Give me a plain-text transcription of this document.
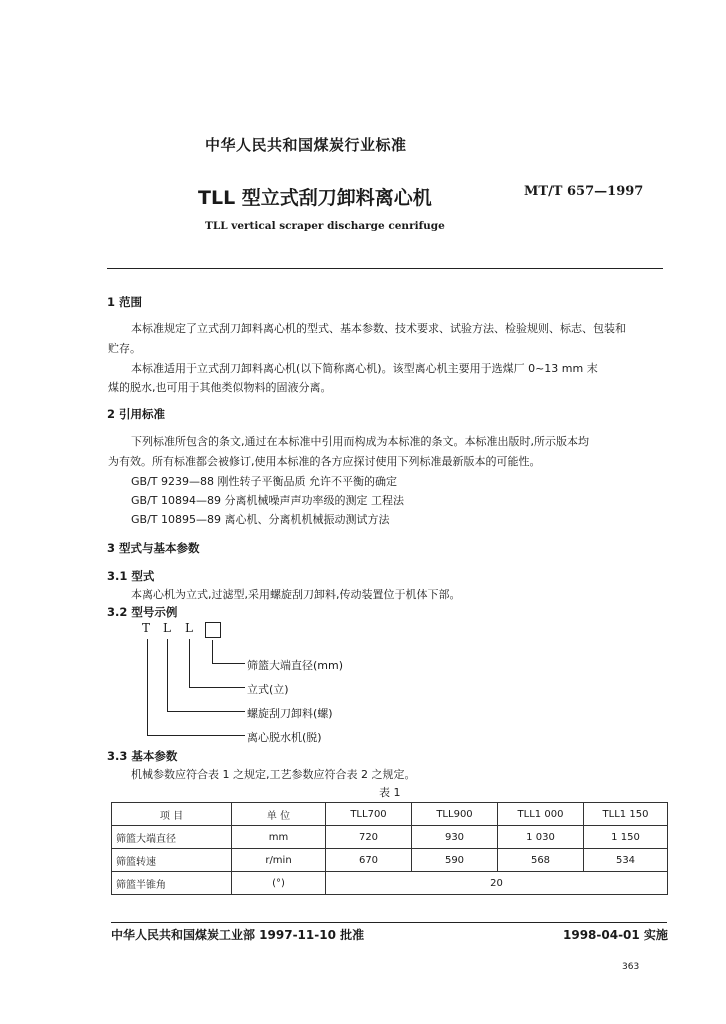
中华人民共和国煤炭行业标准
TLL 型立式刮刀卸料离心机	MT/T 657—1997
TLL vertical scraper discharge cenrifuge
1 范围
本标准规定了立式刮刀卸料离心机的型式、基本参数、技术要求、试验方法、检验规则、标志、包装和
贮存。
本标准适用于立式刮刀卸料离心机(以下简称离心机)。该型离心机主要用于选煤厂 0~13 mm 末
煤的脱水,也可用于其他类似物料的固液分离。
2 引用标准
下列标准所包含的条文,通过在本标准中引用而构成为本标准的条文。本标准出版时,所示版本均
为有效。所有标准都会被修订,使用本标准的各方应探讨使用下列标准最新版本的可能性。
GB/T 9239—88 刚性转子平衡品质 允许不平衡的确定
GB/T 10894—89 分离机械噪声声功率级的测定 工程法
GB/T 10895—89 离心机、分离机机械振动测试方法
3 型式与基本参数
3.1 型式
本离心机为立式,过滤型,采用螺旋刮刀卸料,传动装置位于机体下部。
3.2 型号示例
T L L
筛篮大端直径(mm)
立式(立)
螺旋刮刀卸料(螺)
离心脱水机(脱)
3.3 基本参数
机械参数应符合表 1 之规定,工艺参数应符合表 2 之规定。
表 1
项 目	单 位	TLL700	TLL900	TLL1 000	TLL1 150
筛篮大端直径	mm	720	930	1 030	1 150
筛篮转速	r/min	670	590	568	534
筛篮半锥角	(°)	20			
中华人民共和国煤炭工业部 1997-11-10 批准	1998-04-01 实施
363
